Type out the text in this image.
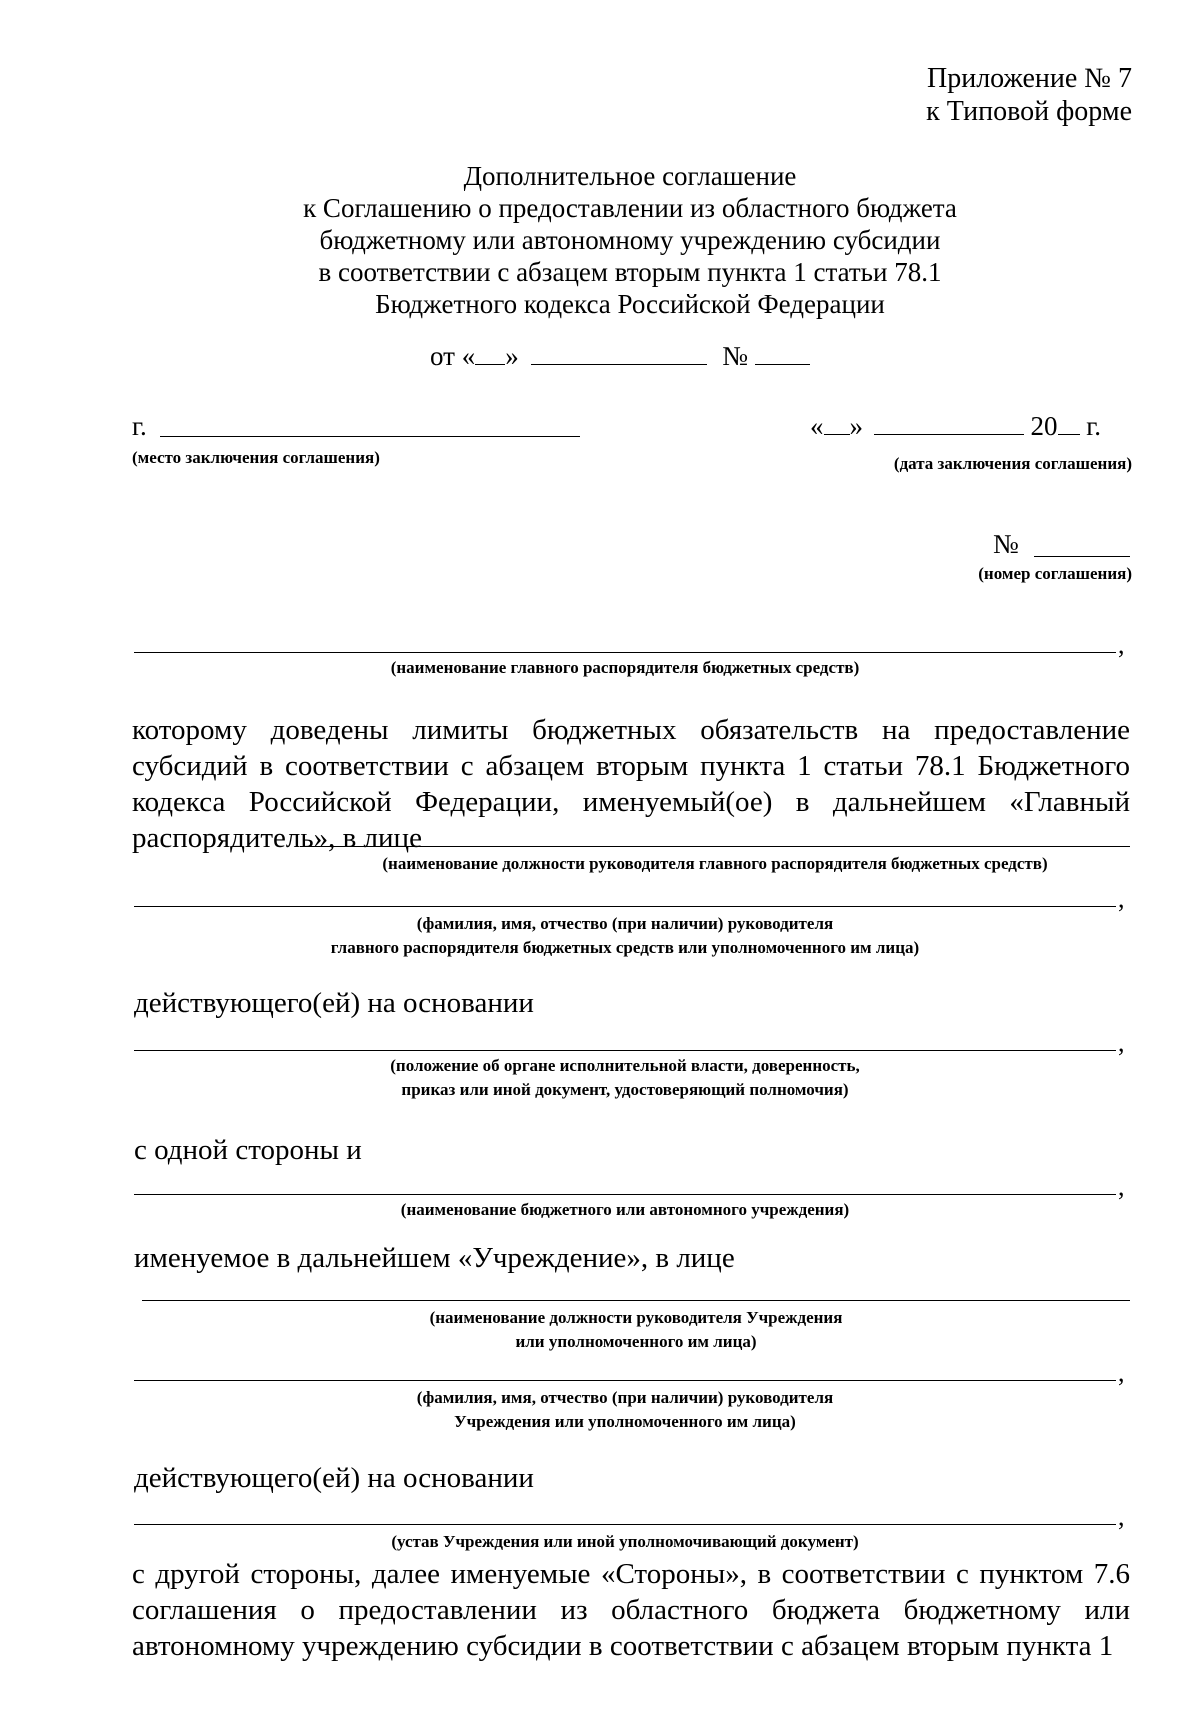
Приложение № 7
к Типовой форме
Дополнительное соглашение
к Соглашению о предоставлении из областного бюджета
бюджетному или автономному учреждению субсидии
в соответствии с абзацем вторым пункта 1 статьи 78.1
Бюджетного кодекса Российской Федерации
от « »	№
г.
(место заключения соглашения)
« »	20 г.
(дата заключения соглашения)
№
(номер соглашения)
,
(наименование главного распорядителя бюджетных средств)
которому доведены лимиты бюджетных обязательств на предоставление субсидий в соответствии с абзацем вторым пункта 1 статьи 78.1 Бюджетного кодекса Российской Федерации, именуемый(ое) в дальнейшем «Главный распорядитель», в лице
(наименование должности руководителя главного распорядителя бюджетных средств)
,
(фамилия, имя, отчество (при наличии) руководителя
главного распорядителя бюджетных средств или уполномоченного им лица)
действующего(ей) на основании
,
(положение об органе исполнительной власти, доверенность,
приказ или иной документ, удостоверяющий полномочия)
с одной стороны и
,
(наименование бюджетного или автономного учреждения)
именуемое в дальнейшем «Учреждение», в лице
(наименование должности руководителя Учреждения
или уполномоченного им лица)
,
(фамилия, имя, отчество (при наличии) руководителя
Учреждения или уполномоченного им лица)
действующего(ей) на основании
,
(устав Учреждения или иной уполномочивающий документ)
с другой стороны, далее именуемые «Стороны», в соответствии с пунктом 7.6 соглашения о предоставлении из областного бюджета бюджетному или автономному учреждению субсидии в соответствии с абзацем вторым пункта 1
